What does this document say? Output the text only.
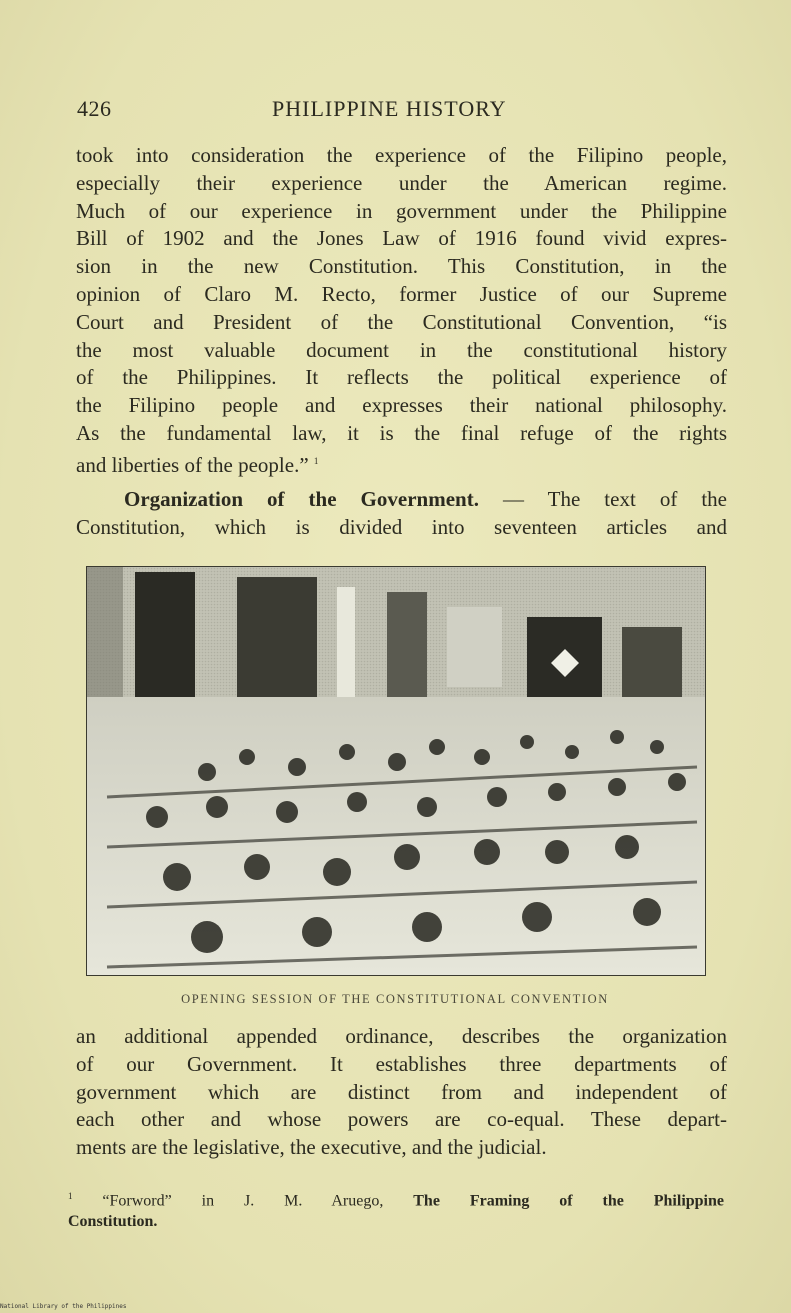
426	PHILIPPINE HISTORY
took into consideration the experience of the Filipino people,
especially their experience under the American regime.
Much of our experience in government under the Philippine
Bill of 1902 and the Jones Law of 1916 found vivid expres-
sion in the new Constitution. This Constitution, in the
opinion of Claro M. Recto, former Justice of our Supreme
Court and President of the Constitutional Convention, “is
the most valuable document in the constitutional history
of the Philippines. It reflects the political experience of
the Filipino people and expresses their national philosophy.
As the fundamental law, it is the final refuge of the rights
and liberties of the people.” $^1$
Organization of the Government. — The text of the
Constitution, which is divided into seventeen articles and
OPENING SESSION OF THE CONSTITUTIONAL CONVENTION
an additional appended ordinance, describes the organization
of our Government. It establishes three departments of
government which are distinct from and independent of
each other and whose powers are co-equal. These depart-
ments are the legislative, the executive, and the judicial.
$^1$ “Forword” in J. M. Aruego, The Framing of the Philippine
Constitution.
National Library of the Philippines
